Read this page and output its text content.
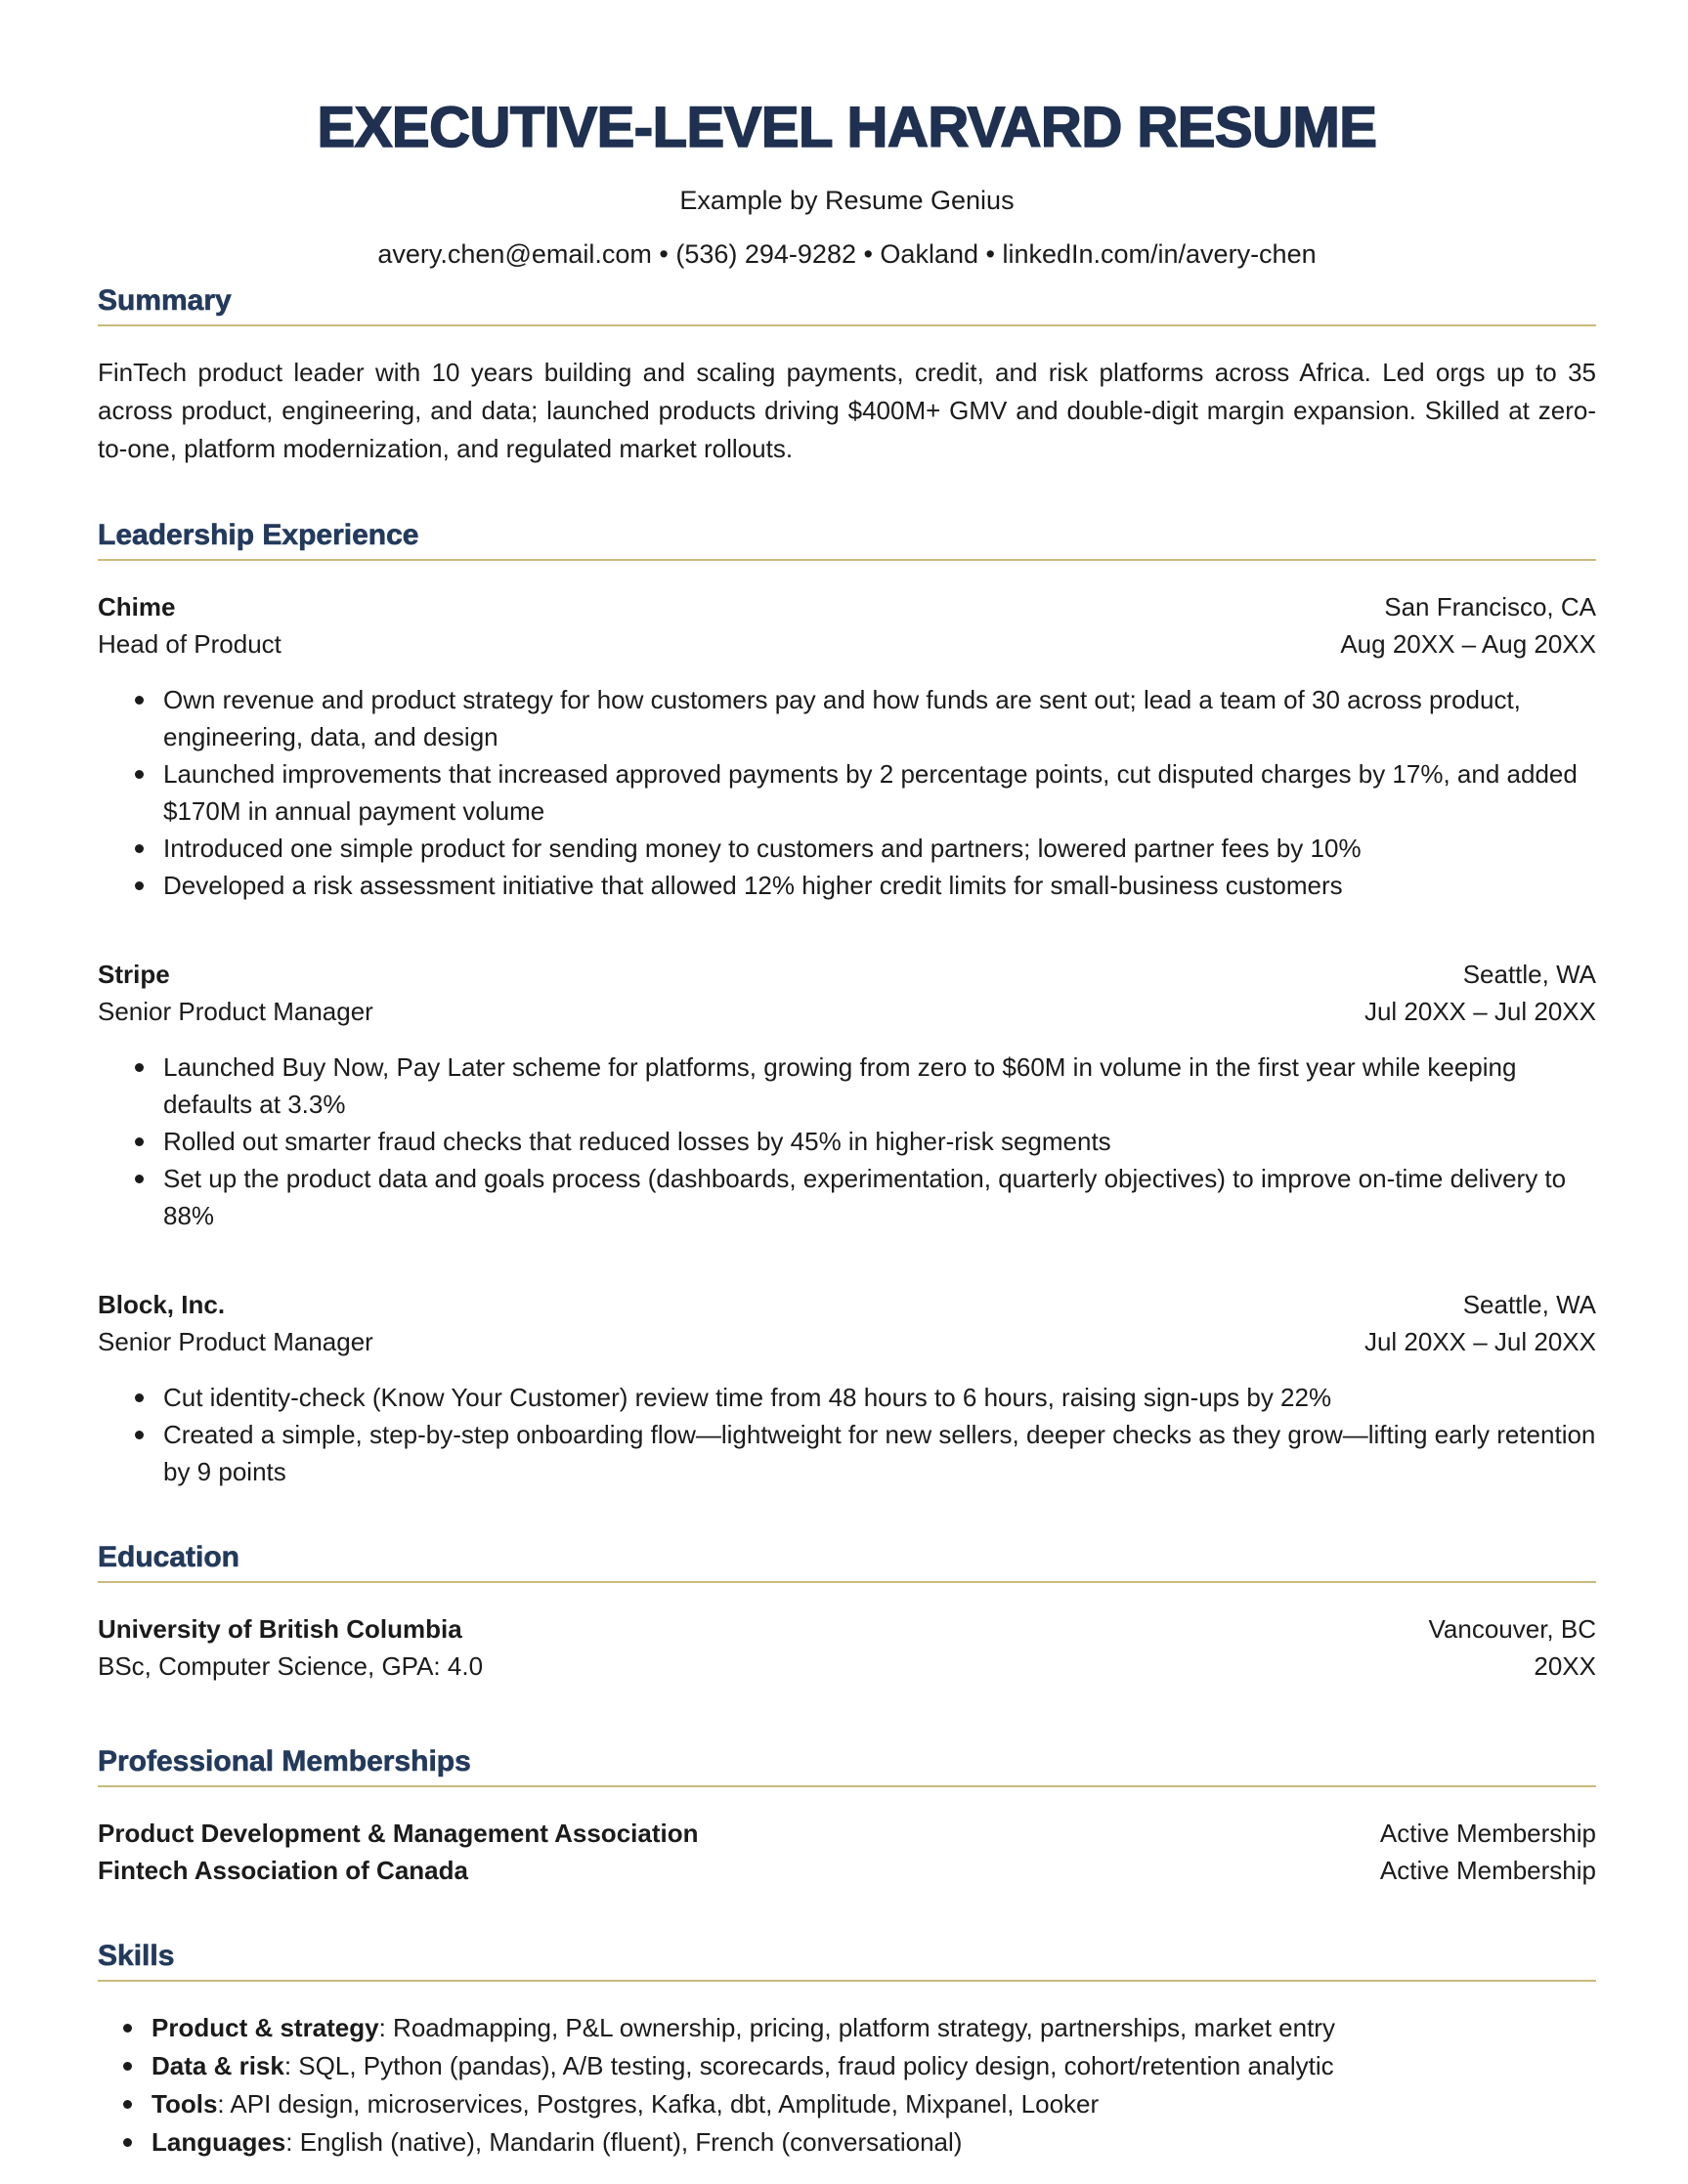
EXECUTIVE-LEVEL HARVARD RESUME
Example by Resume Genius
avery.chen@email.com • (536) 294-9282 • Oakland • linkedIn.com/in/avery-chen
Summary

FinTech product leader with 10 years building and scaling payments, credit, and risk platforms across Africa. Led orgs up to 35 across product, engineering, and data; launched products driving $400M+ GMV and double-digit margin expansion. Skilled at zero-to-one, platform modernization, and regulated market rollouts.

Leadership Experience
Chime	San Francisco, CA
Head of Product	Aug 20XX – Aug 20XX
Own revenue and product strategy for how customers pay and how funds are sent out; lead a team of 30 across product, engineering, data, and design
Launched improvements that increased approved payments by 2 percentage points, cut disputed charges by 17%, and added $170M in annual payment volume
Introduced one simple product for sending money to customers and partners; lowered partner fees by 10%
Developed a risk assessment initiative that allowed 12% higher credit limits for small-business customers
Stripe	Seattle, WA
Senior Product Manager	Jul 20XX – Jul 20XX
Launched Buy Now, Pay Later scheme for platforms, growing from zero to $60M in volume in the first year while keeping defaults at 3.3%
Rolled out smarter fraud checks that reduced losses by 45% in higher-risk segments
Set up the product data and goals process (dashboards, experimentation, quarterly objectives) to improve on-time delivery to 88%
Block, Inc.	Seattle, WA
Senior Product Manager	Jul 20XX – Jul 20XX
Cut identity-check (Know Your Customer) review time from 48 hours to 6 hours, raising sign-ups by 22%
Created a simple, step-by-step onboarding flow—lightweight for new sellers, deeper checks as they grow—lifting early retention by 9 points
Education
University of British Columbia	Vancouver, BC
BSc, Computer Science, GPA: 4.0	20XX
Professional Memberships
Product Development & Management Association	Active Membership
Fintech Association of Canada	Active Membership
Skills
Product & strategy: Roadmapping, P&L ownership, pricing, platform strategy, partnerships, market entry
Data & risk: SQL, Python (pandas), A/B testing, scorecards, fraud policy design, cohort/retention analytic
Tools: API design, microservices, Postgres, Kafka, dbt, Amplitude, Mixpanel, Looker
Languages: English (native), Mandarin (fluent), French (conversational)
